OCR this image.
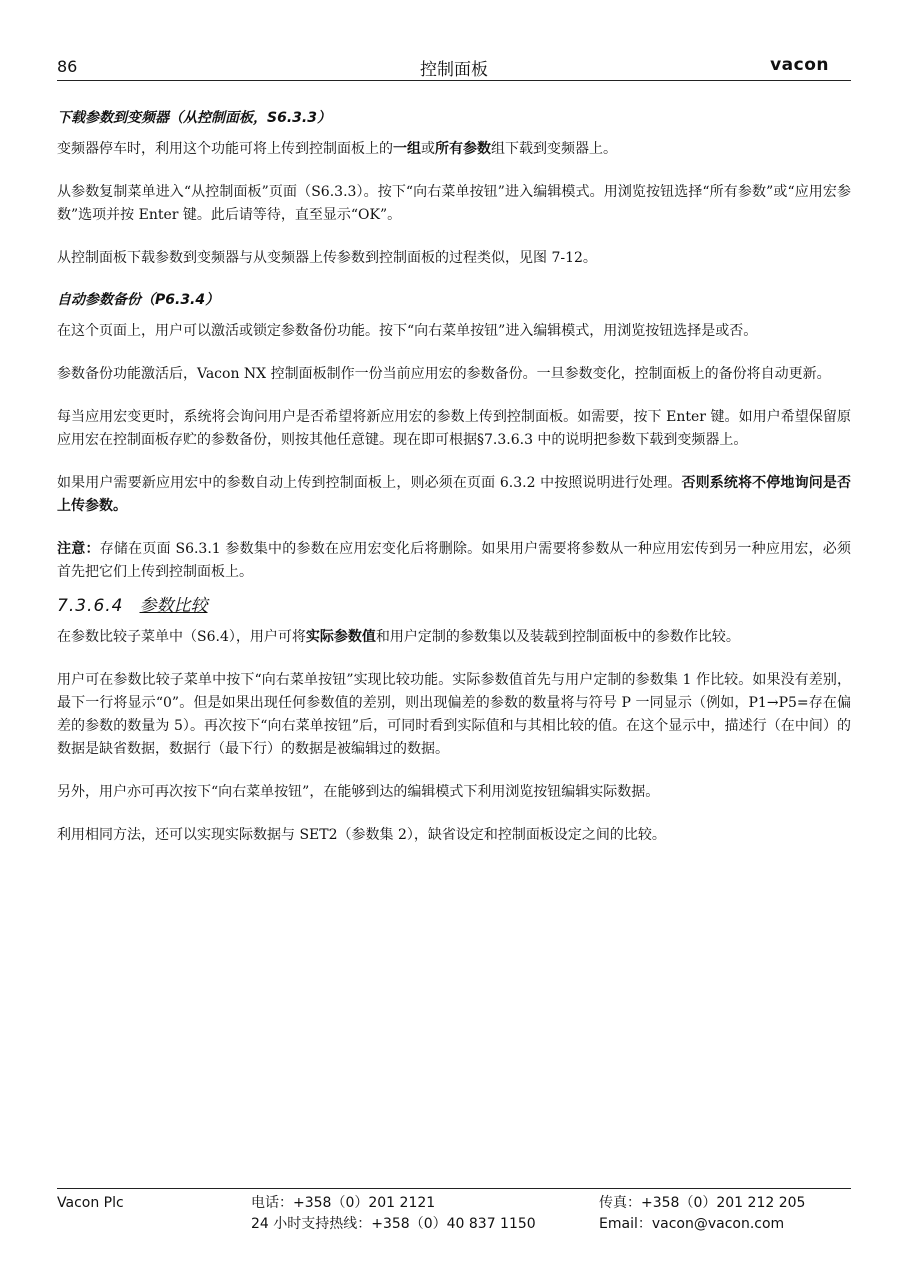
86	控制面板	vacon
下载参数到变频器（从控制面板，S6.3.3）

变频器停车时，利用这个功能可将上传到控制面板上的一组或所有参数组下载到变频器上。

从参数复制菜单进入“从控制面板”页面（S6.3.3）。按下“向右菜单按钮”进入编辑模式。用浏览按钮选择“所有参数”或“应用宏参数”选项并按 Enter 键。此后请等待，直至显示“OK”。

从控制面板下载参数到变频器与从变频器上传参数到控制面板的过程类似，见图 7-12。

自动参数备份（P6.3.4）

在这个页面上，用户可以激活或锁定参数备份功能。按下“向右菜单按钮”进入编辑模式，用浏览按钮选择是或否。

参数备份功能激活后，Vacon NX 控制面板制作一份当前应用宏的参数备份。一旦参数变化，控制面板上的备份将自动更新。

每当应用宏变更时，系统将会询问用户是否希望将新应用宏的参数上传到控制面板。如需要，按下 Enter 键。如用户希望保留原应用宏在控制面板存贮的参数备份，则按其他任意键。现在即可根据§7.3.6.3 中的说明把参数下载到变频器上。

如果用户需要新应用宏中的参数自动上传到控制面板上，则必须在页面 6.3.2 中按照说明进行处理。否则系统将不停地询问是否上传参数。

注意：存储在页面 S6.3.1 参数集中的参数在应用宏变化后将删除。如果用户需要将参数从一种应用宏传到另一种应用宏，必须首先把它们上传到控制面板上。

7.3.6.4 参数比较

在参数比较子菜单中（S6.4），用户可将实际参数值和用户定制的参数集以及装载到控制面板中的参数作比较。

用户可在参数比较子菜单中按下“向右菜单按钮”实现比较功能。实际参数值首先与用户定制的参数集 1 作比较。如果没有差别，最下一行将显示“0”。但是如果出现任何参数值的差别，则出现偏差的参数的数量将与符号 P 一同显示（例如，P1→P5=存在偏差的参数的数量为 5）。再次按下“向右菜单按钮”后，可同时看到实际值和与其相比较的值。在这个显示中，描述行（在中间）的数据是缺省数据，数据行（最下行）的数据是被编辑过的数据。

另外，用户亦可再次按下“向右菜单按钮”，在能够到达的编辑模式下利用浏览按钮编辑实际数据。

利用相同方法，还可以实现实际数据与 SET2（参数集 2），缺省设定和控制面板设定之间的比较。

Vacon Plc	电话：+358（0）201 2121
24 小时支持热线：+358（0）40 837 1150
传真：+358（0）201 212 205
Email：vacon@vacon.com
